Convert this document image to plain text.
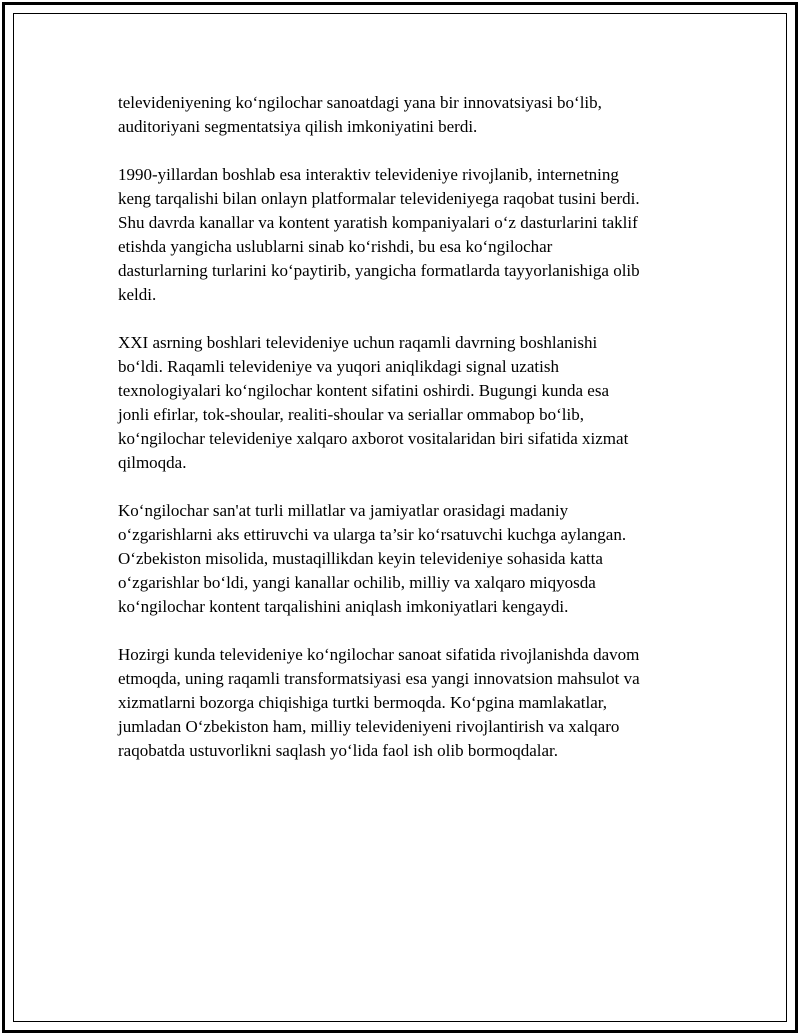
televideniyening ko‘ngilochar sanoatdagi yana bir innovatsiyasi bo‘lib,
auditoriyani segmentatsiya qilish imkoniyatini berdi.

1990-yillardan boshlab esa interaktiv televideniye rivojlanib, internetning
keng tarqalishi bilan onlayn platformalar televideniyega raqobat tusini berdi.
Shu davrda kanallar va kontent yaratish kompaniyalari o‘z dasturlarini taklif
etishda yangicha uslublarni sinab ko‘rishdi, bu esa ko‘ngilochar
dasturlarning turlarini ko‘paytirib, yangicha formatlarda tayyorlanishiga olib
keldi.

XXI asrning boshlari televideniye uchun raqamli davrning boshlanishi
bo‘ldi. Raqamli televideniye va yuqori aniqlikdagi signal uzatish
texnologiyalari ko‘ngilochar kontent sifatini oshirdi. Bugungi kunda esa
jonli efirlar, tok-shoular, realiti-shoular va seriallar ommabop bo‘lib,
ko‘ngilochar televideniye xalqaro axborot vositalaridan biri sifatida xizmat
qilmoqda.

Ko‘ngilochar san'at turli millatlar va jamiyatlar orasidagi madaniy
o‘zgarishlarni aks ettiruvchi va ularga ta’sir ko‘rsatuvchi kuchga aylangan.
O‘zbekiston misolida, mustaqillikdan keyin televideniye sohasida katta
o‘zgarishlar bo‘ldi, yangi kanallar ochilib, milliy va xalqaro miqyosda
ko‘ngilochar kontent tarqalishini aniqlash imkoniyatlari kengaydi.

Hozirgi kunda televideniye ko‘ngilochar sanoat sifatida rivojlanishda davom
etmoqda, uning raqamli transformatsiyasi esa yangi innovatsion mahsulot va
xizmatlarni bozorga chiqishiga turtki bermoqda. Ko‘pgina mamlakatlar,
jumladan O‘zbekiston ham, milliy televideniyeni rivojlantirish va xalqaro
raqobatda ustuvorlikni saqlash yo‘lida faol ish olib bormoqdalar.
